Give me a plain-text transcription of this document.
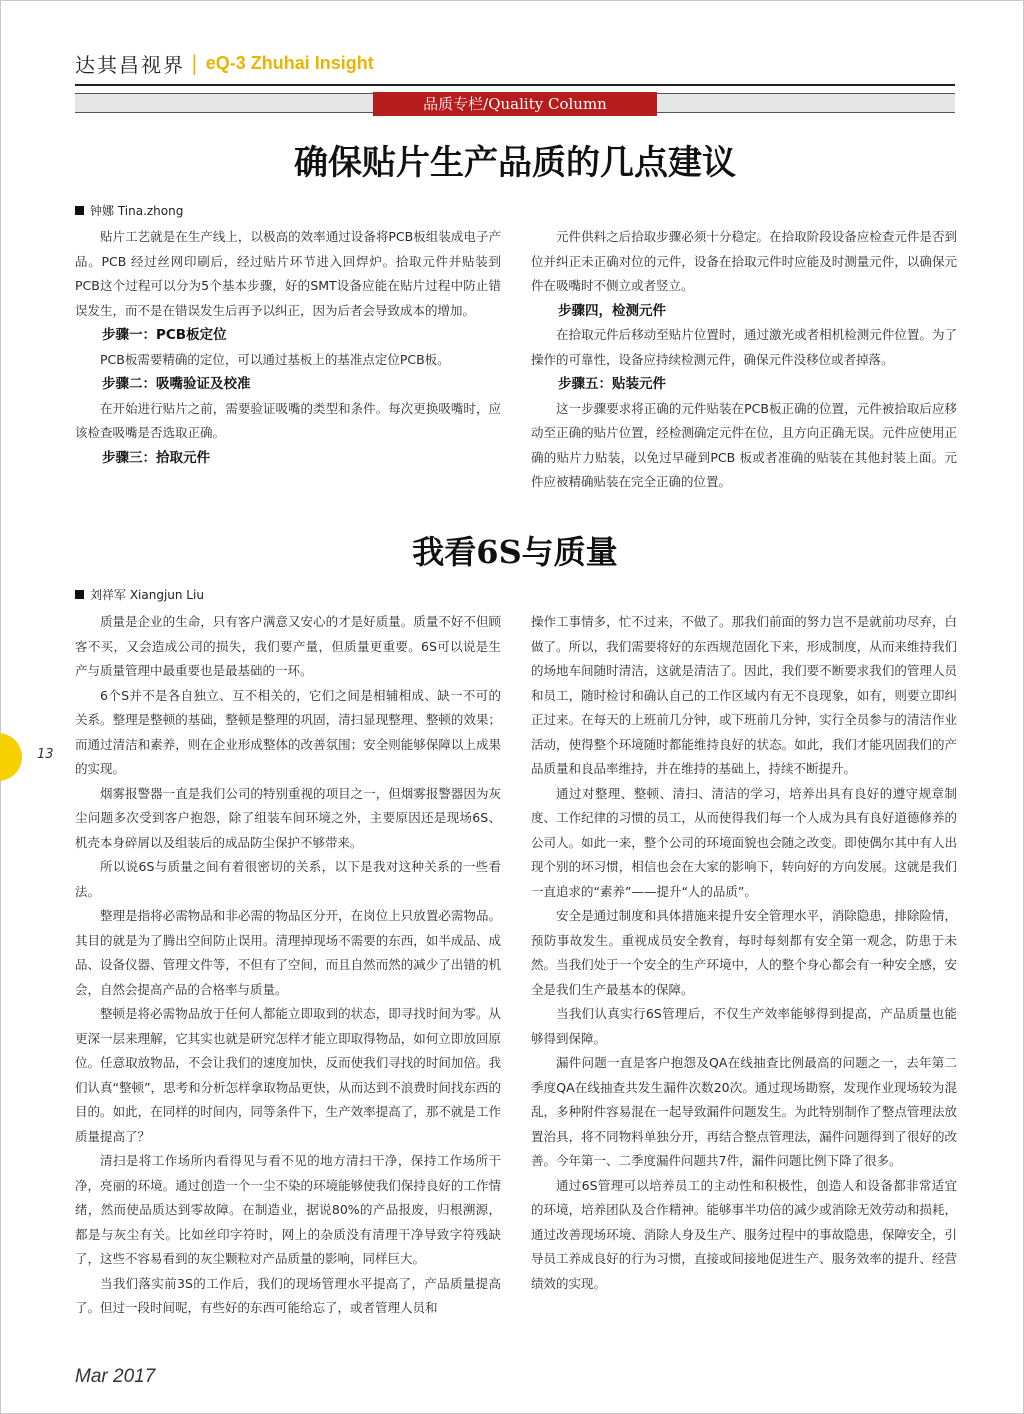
达其昌视界 | eQ-3 Zhuhai Insight
品质专栏/Quality Column
确保贴片生产品质的几点建议
钟娜 Tina.zhong

贴片工艺就是在生产线上，以极高的效率通过设备将PCB板组装成电子产品。PCB 经过丝网印刷后，经过贴片环节进入回焊炉。拾取元件并贴装到PCB这个过程可以分为5个基本步骤，好的SMT设备应能在贴片过程中防止错误发生，而不是在错误发生后再予以纠正，因为后者会导致成本的增加。

步骤一：PCB板定位

PCB板需要精确的定位，可以通过基板上的基准点定位PCB板。

步骤二：吸嘴验证及校准

在开始进行贴片之前，需要验证吸嘴的类型和条件。每次更换吸嘴时，应该检查吸嘴是否选取正确。

步骤三：拾取元件

元件供料之后拾取步骤必须十分稳定。在拾取阶段设备应检查元件是否到位并纠正未正确对位的元件，设备在拾取元件时应能及时测量元件，以确保元件在吸嘴时不侧立或者竖立。

步骤四，检测元件

在拾取元件后移动至贴片位置时，通过激光或者相机检测元件位置。为了操作的可靠性，设备应持续检测元件，确保元件没移位或者掉落。

步骤五：贴装元件

这一步骤要求将正确的元件贴装在PCB板正确的位置，元件被拾取后应移动至正确的贴片位置，经检测确定元件在位，且方向正确无误。元件应使用正确的贴片力贴装，以免过早碰到PCB 板或者准确的贴装在其他封装上面。元件应被精确贴装在完全正确的位置。

我看6S与质量
刘祥军 Xiangjun Liu

质量是企业的生命，只有客户满意又安心的才是好质量。质量不好不但顾客不买，又会造成公司的损失，我们要产量，但质量更重要。6S可以说是生产与质量管理中最重要也是最基础的一环。

6个S并不是各自独立、互不相关的，它们之间是相辅相成、缺一不可的关系。整理是整顿的基础，整顿是整理的巩固，清扫显现整理、整顿的效果；而通过清洁和素养，则在企业形成整体的改善氛围；安全则能够保障以上成果的实现。

烟雾报警器一直是我们公司的特别重视的项目之一，但烟雾报警器因为灰尘问题多次受到客户抱怨，除了组装车间环境之外，主要原因还是现场6S、机壳本身碎屑以及组装后的成品防尘保护不够带来。

所以说6S与质量之间有着很密切的关系，以下是我对这种关系的一些看法。

整理是指将必需物品和非必需的物品区分开，在岗位上只放置必需物品。其目的就是为了腾出空间防止误用。清理掉现场不需要的东西，如半成品、成品、设备仪器、管理文件等，不但有了空间，而且自然而然的减少了出错的机会，自然会提高产品的合格率与质量。

整顿是将必需物品放于任何人都能立即取到的状态，即寻找时间为零。从更深一层来理解，它其实也就是研究怎样才能立即取得物品，如何立即放回原位。任意取放物品，不会让我们的速度加快，反而使我们寻找的时间加倍。我们认真“整顿”，思考和分析怎样拿取物品更快，从而达到不浪费时间找东西的目的。如此，在同样的时间内，同等条件下，生产效率提高了，那不就是工作质量提高了？

清扫是将工作场所内看得见与看不见的地方清扫干净，保持工作场所干净，亮丽的环境。通过创造一个一尘不染的环境能够使我们保持良好的工作情绪，然而使品质达到零故障。在制造业，据说80%的产品报废，归根溯源，都是与灰尘有关。比如丝印字符时，网上的杂质没有清理干净导致字符残缺了，这些不容易看到的灰尘颗粒对产品质量的影响，同样巨大。

当我们落实前3S的工作后，我们的现场管理水平提高了，产品质量提高了。但过一段时间呢，有些好的东西可能给忘了，或者管理人员和

操作工事情多，忙不过来，不做了。那我们前面的努力岂不是就前功尽弃，白做了。所以，我们需要将好的东西规范固化下来，形成制度，从而来维持我们的场地车间随时清洁，这就是清洁了。因此，我们要不断要求我们的管理人员和员工，随时检讨和确认自己的工作区域内有无不良现象，如有，则要立即纠正过来。在每天的上班前几分钟，或下班前几分钟，实行全员参与的清洁作业活动，使得整个环境随时都能维持良好的状态。如此，我们才能巩固我们的产品质量和良品率维持，并在维持的基础上，持续不断提升。

通过对整理、整顿、清扫、清洁的学习，培养出具有良好的遵守规章制度、工作纪律的习惯的员工，从而使得我们每一个人成为具有良好道德修养的公司人。如此一来，整个公司的环境面貌也会随之改变。即使偶尔其中有人出现个别的坏习惯，相信也会在大家的影响下，转向好的方向发展。这就是我们一直追求的“素养”——提升“人的品质”。

安全是通过制度和具体措施来提升安全管理水平，消除隐患，排除险情，预防事故发生。重视成员安全教育，每时每刻都有安全第一观念，防患于未然。当我们处于一个安全的生产环境中，人的整个身心都会有一种安全感，安全是我们生产最基本的保障。

当我们认真实行6S管理后，不仅生产效率能够得到提高，产品质量也能够得到保障。

漏件问题一直是客户抱怨及QA在线抽查比例最高的问题之一，去年第二季度QA在线抽查共发生漏件次数20次。通过现场勘察，发现作业现场较为混乱，多种附件容易混在一起导致漏件问题发生。为此特别制作了整点管理法放置治具，将不同物料单独分开，再结合整点管理法，漏件问题得到了很好的改善。今年第一、二季度漏件问题共7件，漏件问题比例下降了很多。

通过6S管理可以培养员工的主动性和积极性，创造人和设备都非常适宜的环境，培养团队及合作精神。能够事半功倍的减少或消除无效劳动和损耗，通过改善现场环境、消除人身及生产、服务过程中的事故隐患，保障安全，引导员工养成良好的行为习惯，直接或间接地促进生产、服务效率的提升、经营绩效的实现。

13
Mar 2017
